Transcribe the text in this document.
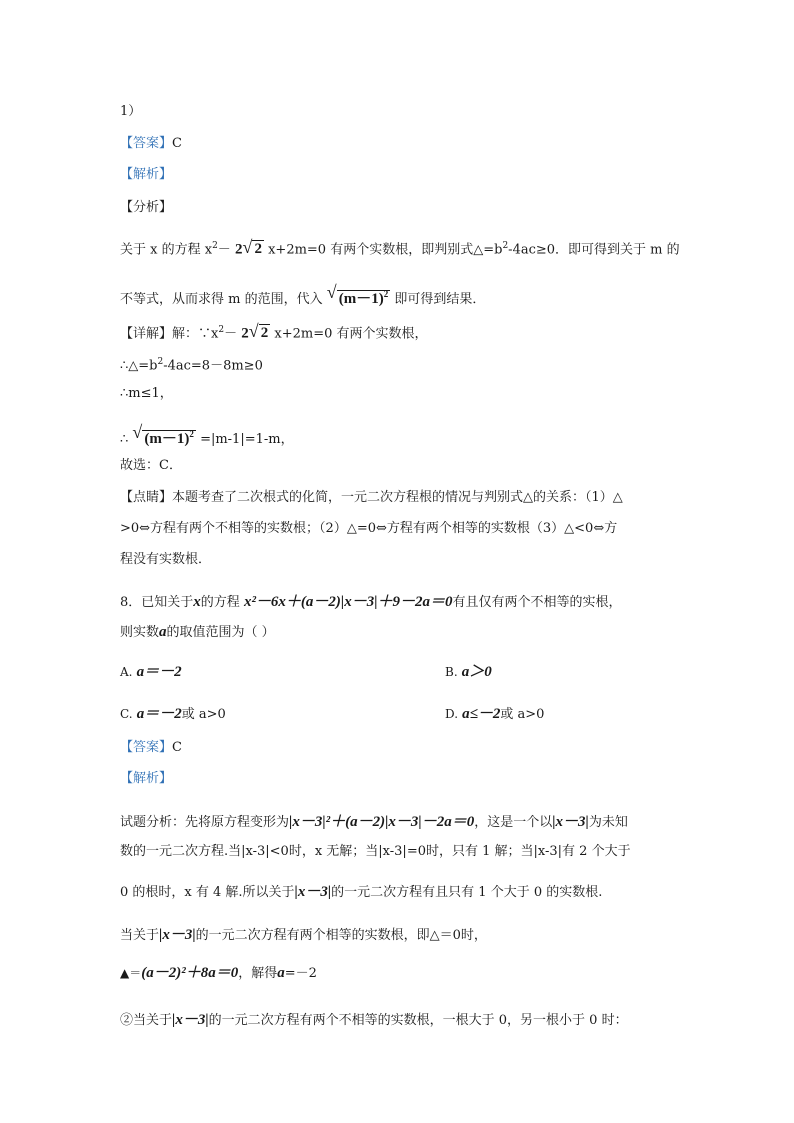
1）
【答案】C
【解析】
【分析】
关于 x 的方程 $x^2- 2$ √ 2 x+2m=0 有两个实数根，即判别式$\triangle=b^2-4ac\ge 0$．即可得到关于 m 的
不等式，从而求得 m 的范围，代入 √ $(m-1)^2$ 即可得到结果．
【详解】解：$\because x^2- 2$ √ 2 x+2m=0 有两个实数根，
$\therefore\triangle=b^2-4ac=8-8m\ge 0$
∴m≤1，
∴ √ $(m-1)^2 =|m-1|=1-m$，
故选：C．
【点睛】本题考查了二次根式的化简，一元二次方程根的情况与判别式△的关系：（1）△
>0⇔方程有两个不相等的实数根；（2）△=0⇔方程有两个相等的实数根（3）△<0⇔方
程没有实数根．
8．已知关于x的方程 x²－6x＋(a－2)|x－3|＋9－2a＝0有且仅有两个不相等的实根，
则实数a的取值范围为（ ）
A. a＝－2	B. a＞0
C. a＝－2或 a>0	D. a≤－2或 a>0
【答案】C
【解析】
试题分析：先将原方程变形为|x－3|²＋(a－2)|x－3|－2a＝0，这是一个以|x－3|为未知
数的一元二次方程.当|x-3|<0时，x 无解；当|x-3|=0时，只有 1 解；当|x-3|有 2 个大于
0 的根时，x 有 4 解.所以关于|x－3|的一元二次方程有且只有 1 个大于 0 的实数根.
当关于|x－3|的一元二次方程有两个相等的实数根，即△＝0时，
▲＝(a－2)²＋8a＝0，解得a=－2
②当关于|x－3|的一元二次方程有两个不相等的实数根，一根大于 0，另一根小于 0 时：
